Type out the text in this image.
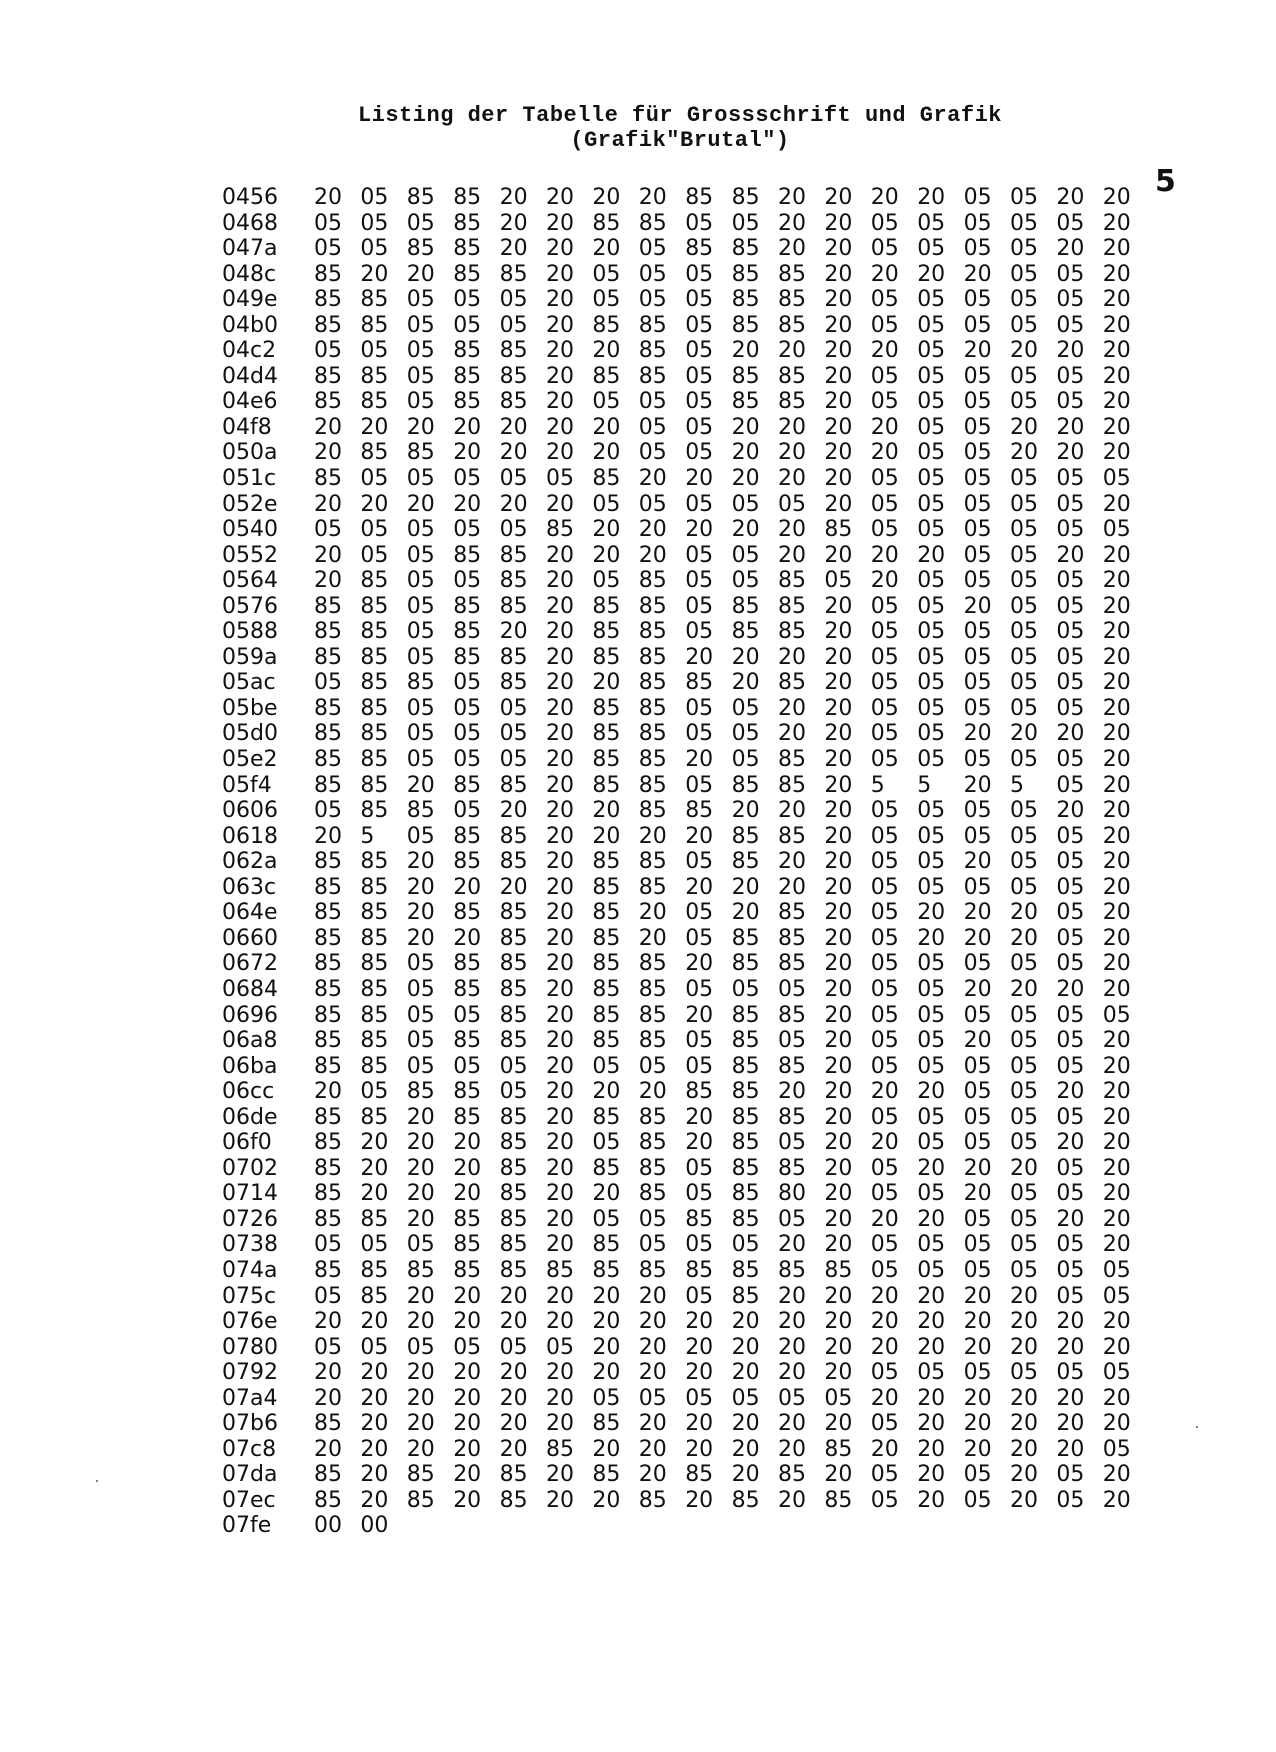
Listing der Tabelle für Grossschrift und Grafik
(Grafik"Brutal")
5
0456	20 05 85 85 20 20 20 20 85 85 20 20 20 20 05 05 20 20
0468	05 05 05 85 20 20 85 85 05 05 20 20 05 05 05 05 05 20
047a	05 05 85 85 20 20 20 05 85 85 20 20 05 05 05 05 20 20
048c	85 20 20 85 85 20 05 05 05 85 85 20 20 20 20 05 05 20
049e	85 85 05 05 05 20 05 05 05 85 85 20 05 05 05 05 05 20
04b0	85 85 05 05 05 20 85 85 05 85 85 20 05 05 05 05 05 20
04c2	05 05 05 85 85 20 20 85 05 20 20 20 20 05 20 20 20 20
04d4	85 85 05 85 85 20 85 85 05 85 85 20 05 05 05 05 05 20
04e6	85 85 05 85 85 20 05 05 05 85 85 20 05 05 05 05 05 20
04f8	20 20 20 20 20 20 20 05 05 20 20 20 20 05 05 20 20 20
050a	20 85 85 20 20 20 20 05 05 20 20 20 20 05 05 20 20 20
051c	85 05 05 05 05 05 85 20 20 20 20 20 05 05 05 05 05 05
052e	20 20 20 20 20 20 05 05 05 05 05 20 05 05 05 05 05 20
0540	05 05 05 05 05 85 20 20 20 20 20 85 05 05 05 05 05 05
0552	20 05 05 85 85 20 20 20 05 05 20 20 20 20 05 05 20 20
0564	20 85 05 05 85 20 05 85 05 05 85 05 20 05 05 05 05 20
0576	85 85 05 85 85 20 85 85 05 85 85 20 05 05 20 05 05 20
0588	85 85 05 85 20 20 85 85 05 85 85 20 05 05 05 05 05 20
059a	85 85 05 85 85 20 85 85 20 20 20 20 05 05 05 05 05 20
05ac	05 85 85 05 85 20 20 85 85 20 85 20 05 05 05 05 05 20
05be	85 85 05 05 05 20 85 85 05 05 20 20 05 05 05 05 05 20
05d0	85 85 05 05 05 20 85 85 05 05 20 20 05 05 20 20 20 20
05e2	85 85 05 05 05 20 85 85 20 05 85 20 05 05 05 05 05 20
05f4	85 85 20 85 85 20 85 85 05 85 85 20 5	5	20 5	05 20
0606	05 85 85 05 20 20 20 85 85 20 20 20 05 05 05 05 20 20
0618	20 5	05 85 85 20 20 20 20 85 85 20 05 05 05 05 05 20
062a	85 85 20 85 85 20 85 85 05 85 20 20 05 05 20 05 05 20
063c	85 85 20 20 20 20 85 85 20 20 20 20 05 05 05 05 05 20
064e	85 85 20 85 85 20 85 20 05 20 85 20 05 20 20 20 05 20
0660	85 85 20 20 85 20 85 20 05 85 85 20 05 20 20 20 05 20
0672	85 85 05 85 85 20 85 85 20 85 85 20 05 05 05 05 05 20
0684	85 85 05 85 85 20 85 85 05 05 05 20 05 05 20 20 20 20
0696	85 85 05 05 85 20 85 85 20 85 85 20 05 05 05 05 05 05
06a8	85 85 05 85 85 20 85 85 05 85 05 20 05 05 20 05 05 20
06ba	85 85 05 05 05 20 05 05 05 85 85 20 05 05 05 05 05 20
06cc	20 05 85 85 05 20 20 20 85 85 20 20 20 20 05 05 20 20
06de	85 85 20 85 85 20 85 85 20 85 85 20 05 05 05 05 05 20
06f0	85 20 20 20 85 20 05 85 20 85 05 20 20 05 05 05 20 20
0702	85 20 20 20 85 20 85 85 05 85 85 20 05 20 20 20 05 20
0714	85 20 20 20 85 20 20 85 05 85 80 20 05 05 20 05 05 20
0726	85 85 20 85 85 20 05 05 85 85 05 20 20 20 05 05 20 20
0738	05 05 05 85 85 20 85 05 05 05 20 20 05 05 05 05 05 20
074a	85 85 85 85 85 85 85 85 85 85 85 85 05 05 05 05 05 05
075c	05 85 20 20 20 20 20 20 05 85 20 20 20 20 20 20 05 05
076e	20 20 20 20 20 20 20 20 20 20 20 20 20 20 20 20 20 20
0780	05 05 05 05 05 05 20 20 20 20 20 20 20 20 20 20 20 20
0792	20 20 20 20 20 20 20 20 20 20 20 20 05 05 05 05 05 05
07a4	20 20 20 20 20 20 05 05 05 05 05 05 20 20 20 20 20 20
07b6	85 20 20 20 20 20 85 20 20 20 20 20 05 20 20 20 20 20
07c8	20 20 20 20 20 85 20 20 20 20 20 85 20 20 20 20 20 05
07da	85 20 85 20 85 20 85 20 85 20 85 20 05 20 05 20 05 20
07ec	85 20 85 20 85 20 20 85 20 85 20 85 05 20 05 20 05 20
07fe	00 00
